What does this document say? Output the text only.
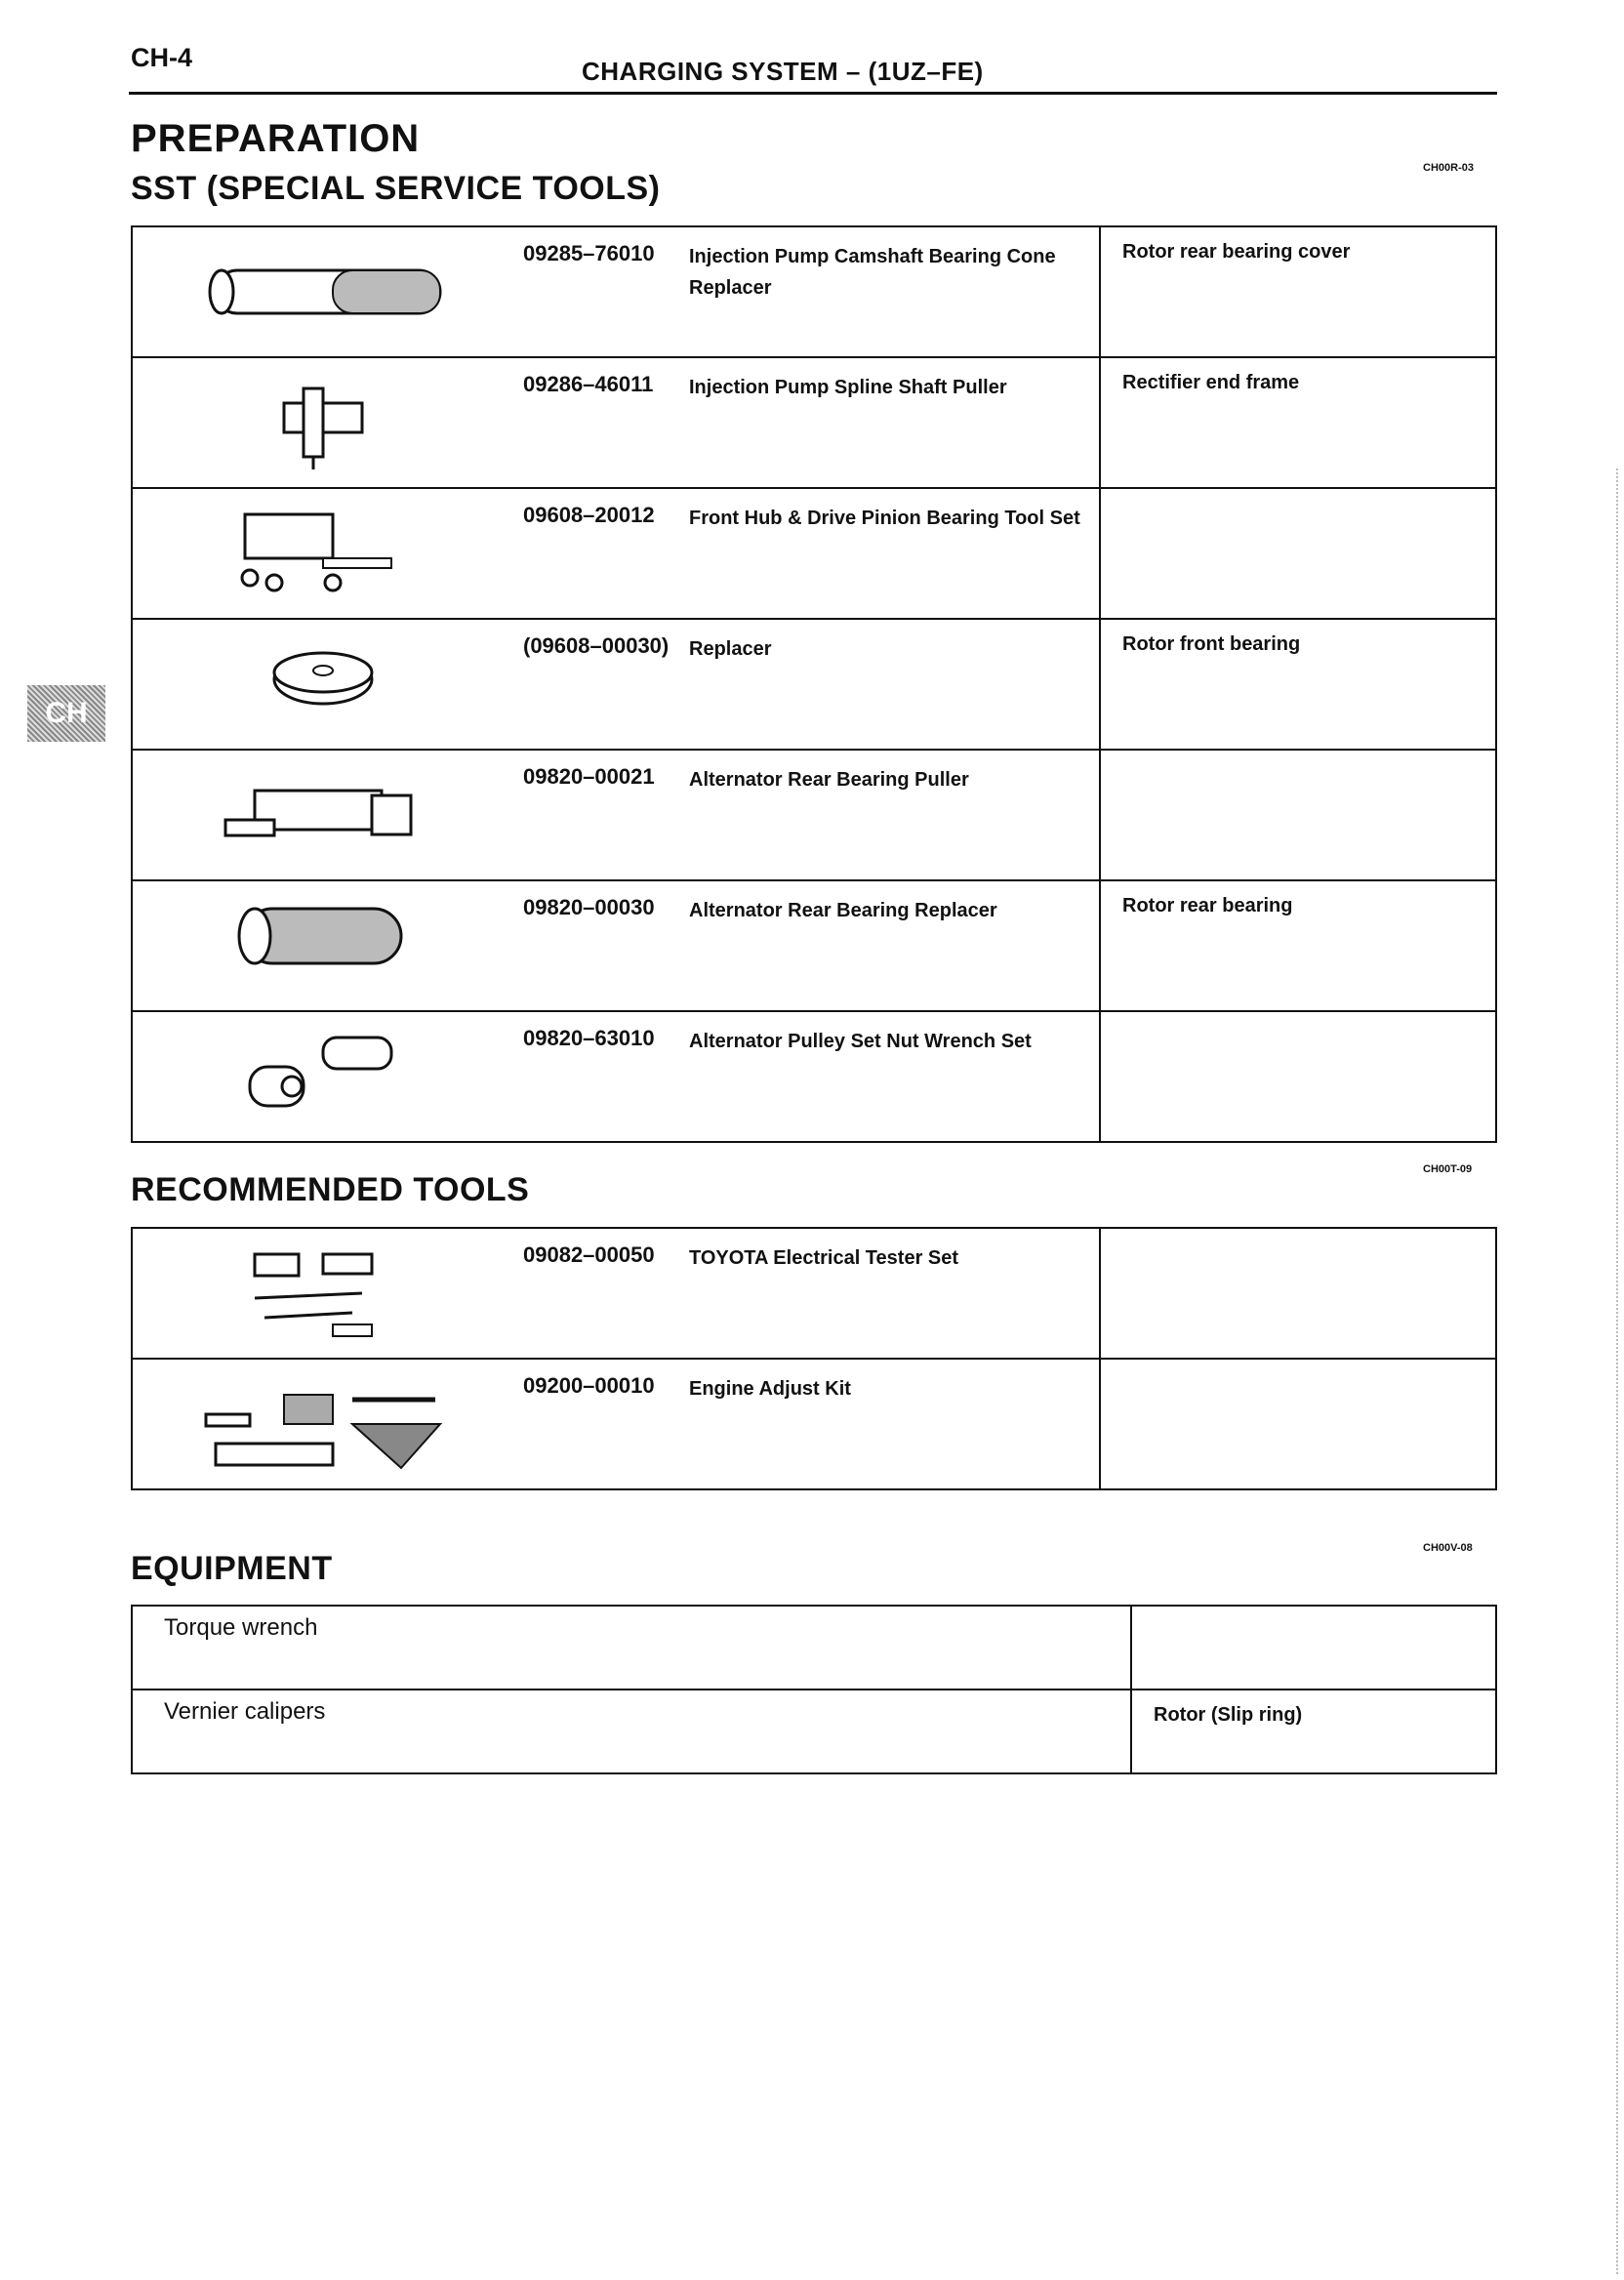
CH
CH-4	CHARGING SYSTEM – (1UZ–FE)
PREPARATION
SST (SPECIAL SERVICE TOOLS)
CH00R-03
	09285–76010	Injection Pump Camshaft Bearing Cone Replacer	Rotor rear bearing cover

	09286–46011	Injection Pump Spline Shaft Puller	Rectifier end frame

	09608–20012	Front Hub & Drive Pinion Bearing Tool Set	

	(09608–00030)	Replacer	Rotor front bearing

	09820–00021	Alternator Rear Bearing Puller	

	09820–00030	Alternator Rear Bearing Replacer	Rotor rear bearing

	09820–63010	Alternator Pulley Set Nut Wrench Set	
RECOMMENDED TOOLS
CH00T-09
	09082–00050	TOYOTA Electrical Tester Set	

	09200–00010	Engine Adjust Kit	
EQUIPMENT
CH00V-08
Torque wrench	
Vernier calipers	Rotor (Slip ring)
